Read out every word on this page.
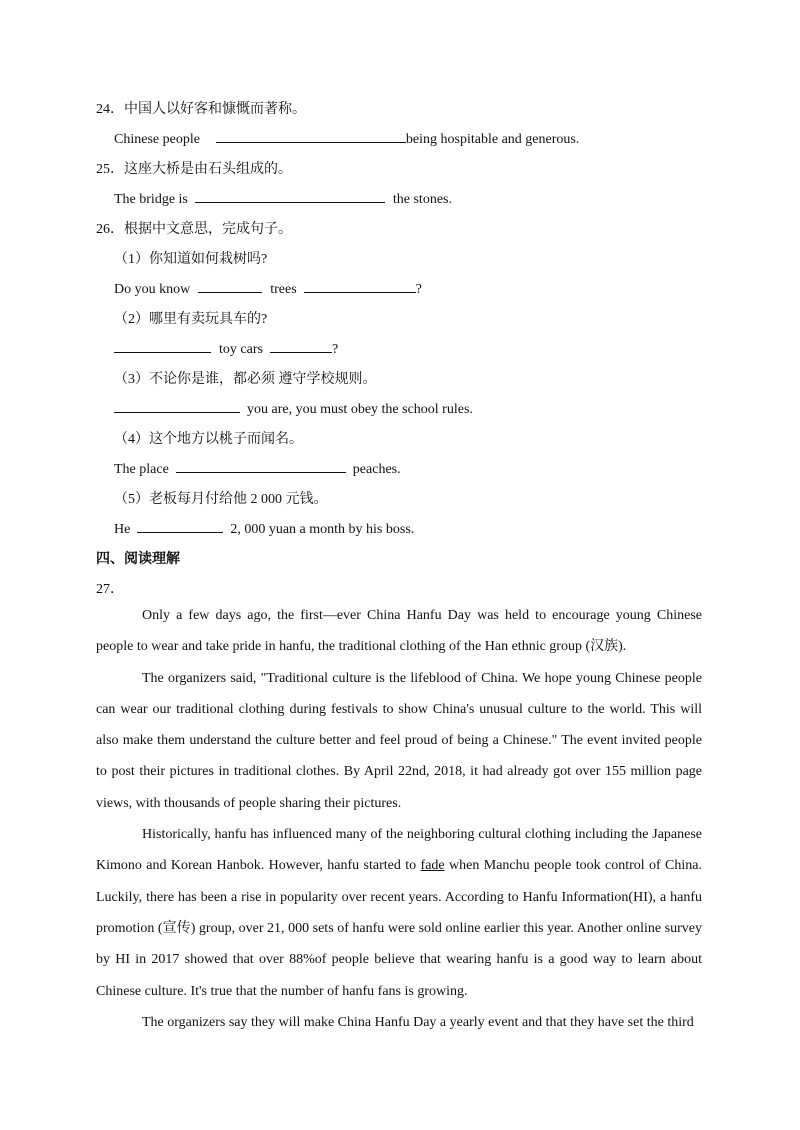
24．中国人以好客和慷慨而著称。
Chinese people	being hospitable and generous.
25．这座大桥是由石头组成的。
The bridge is	the stones.
26．根据中文意思，完成句子。
（1）你知道如何栽树吗?
Do you know	trees	?
（2）哪里有卖玩具车的?
toy cars	?
（3）不论你是谁，都必须 遵守学校规则。
you are, you must obey the school rules.
（4）这个地方以桃子而闻名。
The place	peaches.
（5）老板每月付给他 2 000 元钱。
He	2, 000 yuan a month by his boss.
四、阅读理解
27．
Only a few days ago, the first—ever China Hanfu Day was held to encourage young Chinese people to wear and take pride in hanfu, the traditional clothing of the Han ethnic group (汉族).
The organizers said, "Traditional culture is the lifeblood of China. We hope young Chinese people can wear our traditional clothing during festivals to show China's unusual culture to the world. This will also make them understand the culture better and feel proud of being a Chinese." The event invited people to post their pictures in traditional clothes. By April 22nd, 2018, it had already got over 155 million page views, with thousands of people sharing their pictures.
Historically, hanfu has influenced many of the neighboring cultural clothing including the Japanese Kimono and Korean Hanbok. However, hanfu started to fade when Manchu people took control of China. Luckily, there has been a rise in popularity over recent years. According to Hanfu Information(HI), a hanfu promotion (宣传) group, over 21, 000 sets of hanfu were sold online earlier this year. Another online survey by HI in 2017 showed that over 88%of people believe that wearing hanfu is a good way to learn about Chinese culture. It's true that the number of hanfu fans is growing.
The organizers say they will make China Hanfu Day a yearly event and that they have set the third
